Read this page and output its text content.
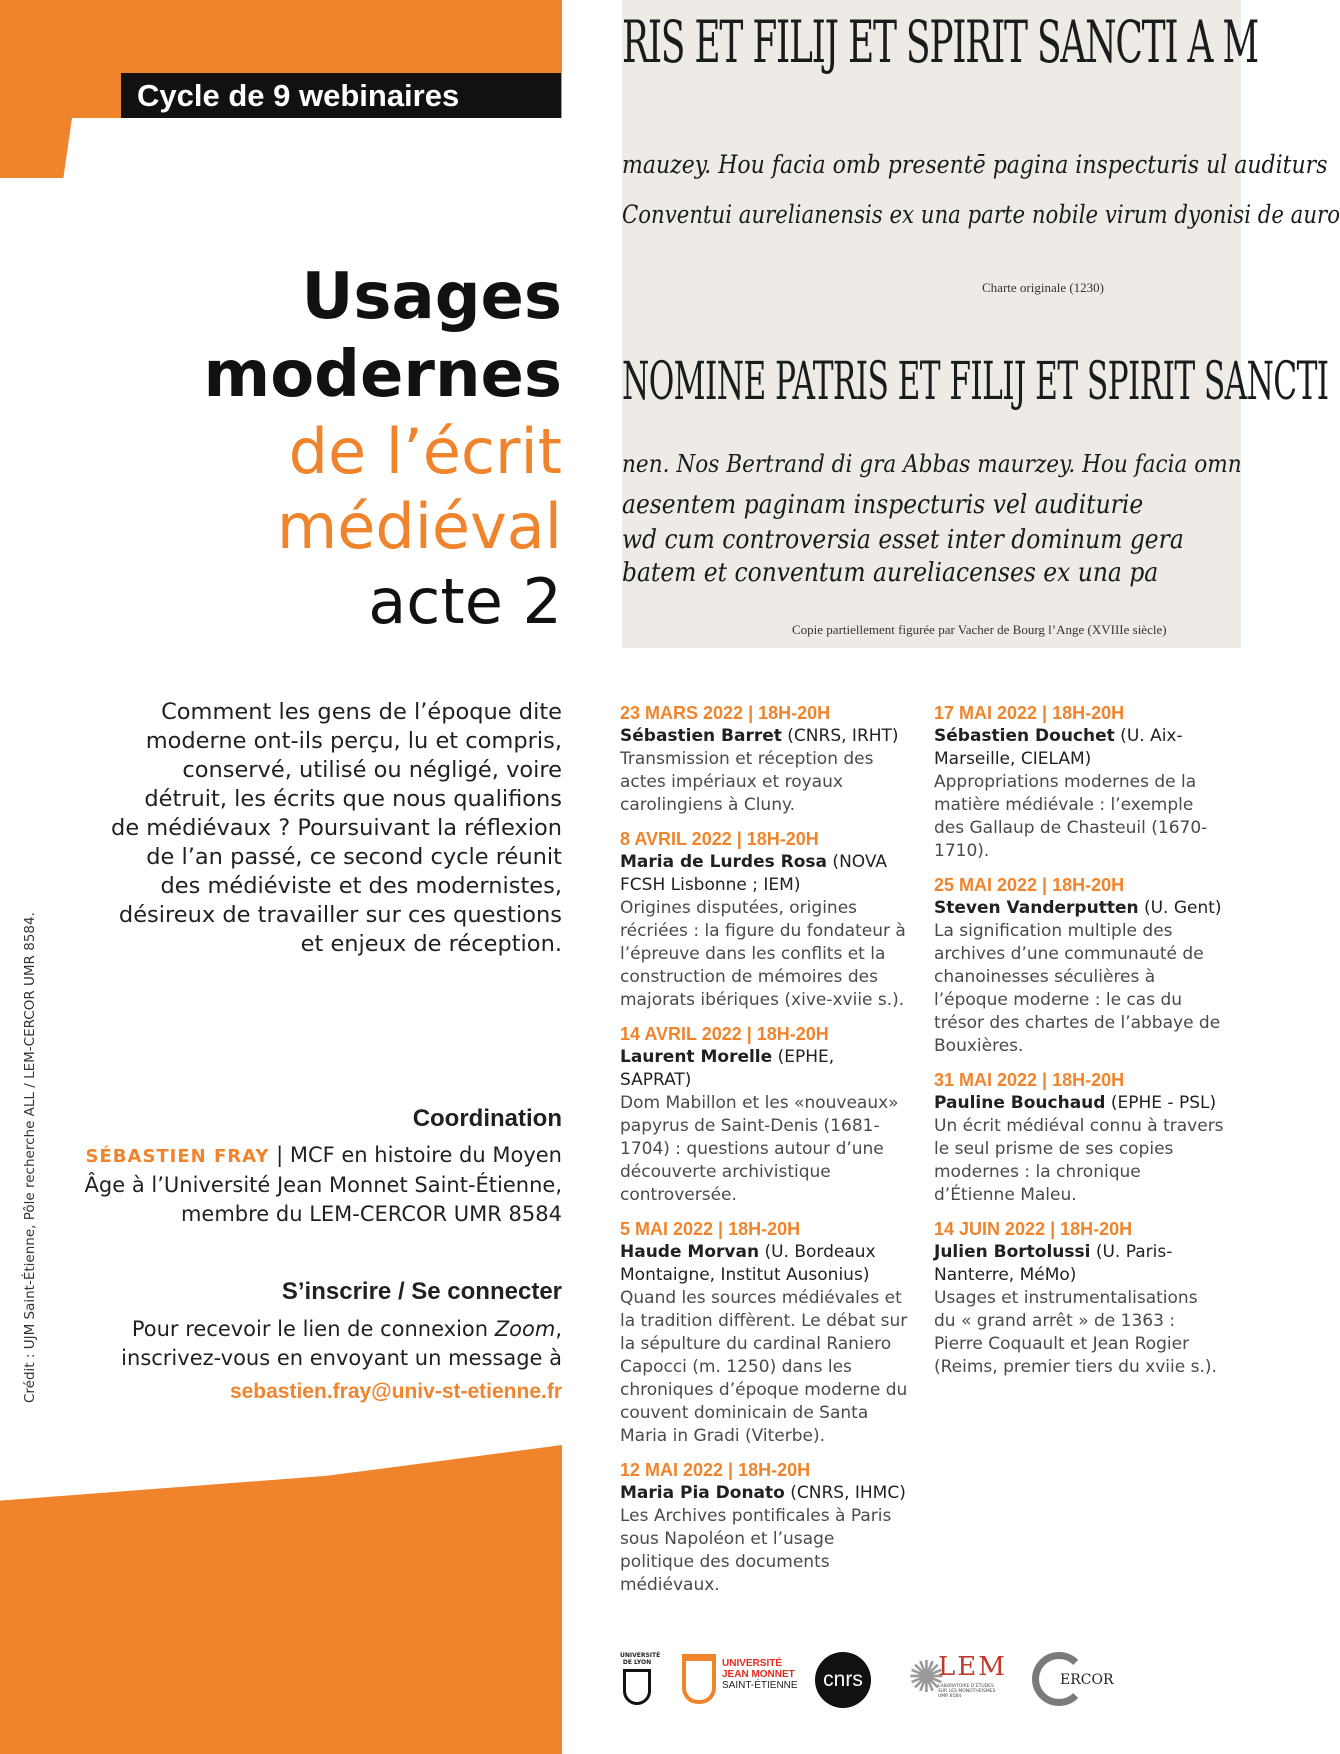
Cycle de 9 webinaires
Usages
modernes
de l’écrit
médiéval
acte 2
RIS ET FILIJ ET SPIRIT SANCTI A M
mauzey. Hou facia omb presentē pagina inspecturis ul auditurs
Conventui aurelianensis ex una parte nobile virum dyonisi de auro
Charte originale (1230)
NOMINE PATRIS ET FILIJ ET SPIRIT SANCTI
nen. Nos Bertrand di gra Abbas maurzey. Hou facia omn
aesentem paginam inspecturis vel auditurie
wd cum controversia esset inter dominum gera
batem et conventum aureliacenses ex una pa
Copie partiellement figurée par Vacher de Bourg l’Ange (XVIIIe siècle)
Comment les gens de l’époque dite moderne ont-ils perçu, lu et compris, conservé, utilisé ou négligé, voire détruit, les écrits que nous qualifions de médiévaux ? Poursuivant la réflexion de l’an passé, ce second cycle réunit des médiéviste et des modernistes, désireux de travailler sur ces questions et enjeux de réception.
Coordination
SÉBASTIEN FRAY | MCF en histoire du Moyen Âge à l’Université Jean Monnet Saint-Étienne, membre du LEM-CERCOR UMR 8584
S’inscrire / Se connecter
Pour recevoir le lien de connexion Zoom, inscrivez-vous en envoyant un message à
sebastien.fray@univ-st-etienne.fr
Crédit : UJM Saint-Étienne, Pôle recherche ALL / LEM-CERCOR UMR 8584.
23 MARS 2022 | 18H-20H
Sébastien Barret (CNRS, IRHT)
Transmission et réception des actes impériaux et royaux carolingiens à Cluny.
8 AVRIL 2022 | 18H-20H
Maria de Lurdes Rosa (NOVA FCSH Lisbonne ; IEM)
Origines disputées, origines récriées : la figure du fondateur à l’épreuve dans les conflits et la construction de mémoires des majorats ibériques (xive-xviie s.).
14 AVRIL 2022 | 18H-20H
Laurent Morelle (EPHE, SAPRAT)
Dom Mabillon et les «nouveaux» papyrus de Saint-Denis (1681-1704) : questions autour d’une découverte archivistique controversée.
5 MAI 2022 | 18H-20H
Haude Morvan (U. Bordeaux Montaigne, Institut Ausonius)
Quand les sources médiévales et la tradition diffèrent. Le débat sur la sépulture du cardinal Raniero Capocci (m. 1250) dans les chroniques d’époque moderne du couvent dominicain de Santa Maria in Gradi (Viterbe).
12 MAI 2022 | 18H-20H
Maria Pia Donato (CNRS, IHMC)
Les Archives pontificales à Paris sous Napoléon et l’usage politique des documents médiévaux.
17 MAI 2022 | 18H-20H
Sébastien Douchet (U. Aix-Marseille, CIELAM)
Appropriations modernes de la matière médiévale : l’exemple des Gallaup de Chasteuil (1670-1710).
25 MAI 2022 | 18H-20H
Steven Vanderputten (U. Gent)
La signification multiple des archives d’une communauté de chanoinesses séculières à l’époque moderne : le cas du trésor des chartes de l’abbaye de Bouxières.
31 MAI 2022 | 18H-20H
Pauline Bouchaud (EPHE - PSL)
Un écrit médiéval connu à travers le seul prisme de ses copies modernes : la chronique d’Étienne Maleu.
14 JUIN 2022 | 18H-20H
Julien Bortolussi (U. Paris-Nanterre, MéMo)
Usages et instrumentalisations du « grand arrêt » de 1363 : Pierre Coquault et Jean Rogier (Reims, premier tiers du xviie s.).
UNIVERSITÉ DE LYON	UNIVERSITÉ
JEAN MONNET
SAINT-ÉTIENNE	cnrs ✺
LEM
LABORATOIRE D’ÉTUDES SUR LES MONOTHÉISMES UMR 8584
ERCOR
